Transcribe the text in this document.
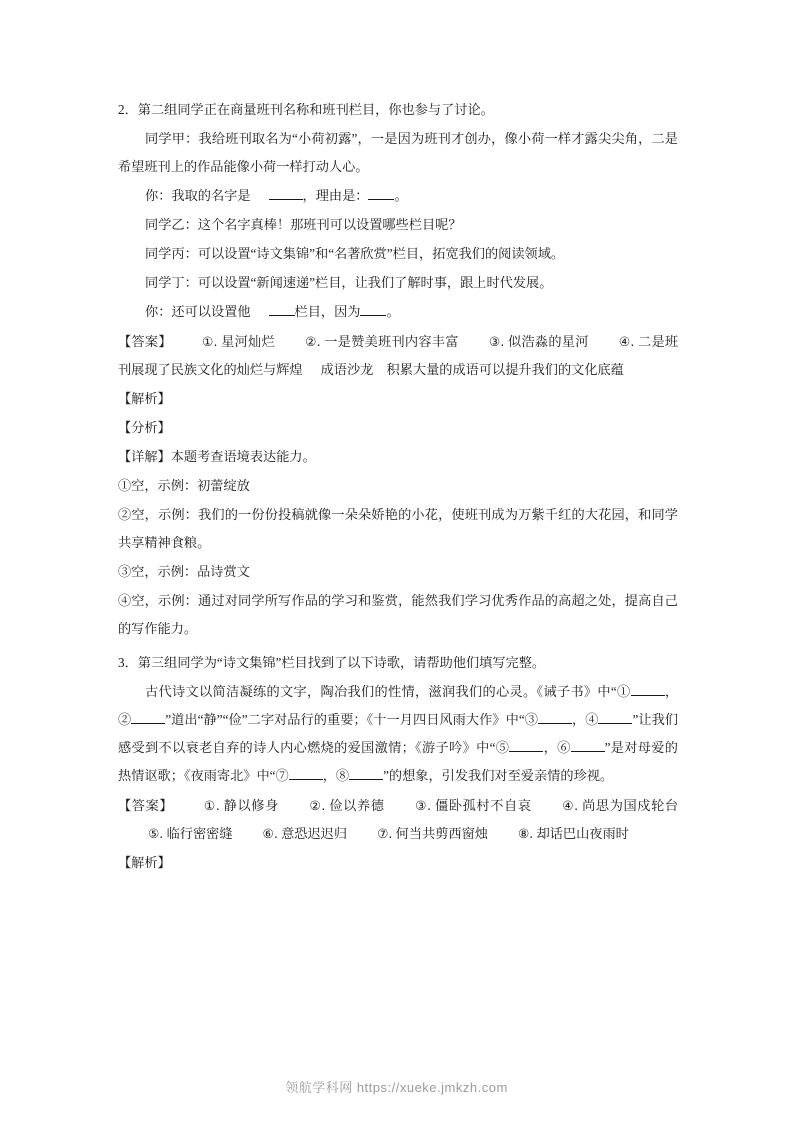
2．第二组同学正在商量班刊名称和班刊栏目，你也参与了讨论。

同学甲：我给班刊取名为“小荷初露”，一是因为班刊才创办，像小荷一样才露尖尖角，二是希望班刊上的作品能像小荷一样打动人心。

你：我取的名字是	，理由是： 。

同学乙：这个名字真棒！那班刊可以设置哪些栏目呢？

同学丙：可以设置“诗文集锦”和“名著欣赏”栏目，拓宽我们的阅读领域。

同学丁：可以设置“新闻速递”栏目，让我们了解时事，跟上时代发展。

你：还可以设置他	栏目，因为 。

【答案】 ①. 星河灿烂 ②. 一是赞美班刊内容丰富 ③. 似浩淼的星河 ④. 二是班刊展现了民族文化的灿烂与辉煌 成语沙龙　积累大量的成语可以提升我们的文化底蕴

【解析】

【分析】

【详解】本题考查语境表达能力。

①空，示例：初蕾绽放

②空，示例：我们的一份份投稿就像一朵朵娇艳的小花，使班刊成为万紫千红的大花园，和同学共享精神食粮。

③空，示例：品诗赏文

④空，示例：通过对同学所写作品的学习和鉴赏，能然我们学习优秀作品的高超之处，提高自己的写作能力。

3．第三组同学为“诗文集锦”栏目找到了以下诗歌，请帮助他们填写完整。

古代诗文以简洁凝练的文字，陶冶我们的性情，滋润我们的心灵。《诫子书》中“①	，②	”道出“静”“俭”二字对品行的重要；《十一月四日风雨大作》中“③	，④	”让我们感受到不以衰老自弃的诗人内心燃烧的爱国激情；《游子吟》中“⑤	，⑥	”是对母爱的热情讴歌；《夜雨寄北》中“⑦	，⑧	”的想象，引发我们对至爱亲情的珍视。

【答案】 ①. 静以修身 ②. 俭以养德 ③. 僵卧孤村不自哀 ④. 尚思为国戍轮台⑤. 临行密密缝 ⑥. 意恐迟迟归 ⑦. 何当共剪西窗烛 ⑧. 却话巴山夜雨时

【解析】

领航学科网 https://xueke.jmkzh.com
